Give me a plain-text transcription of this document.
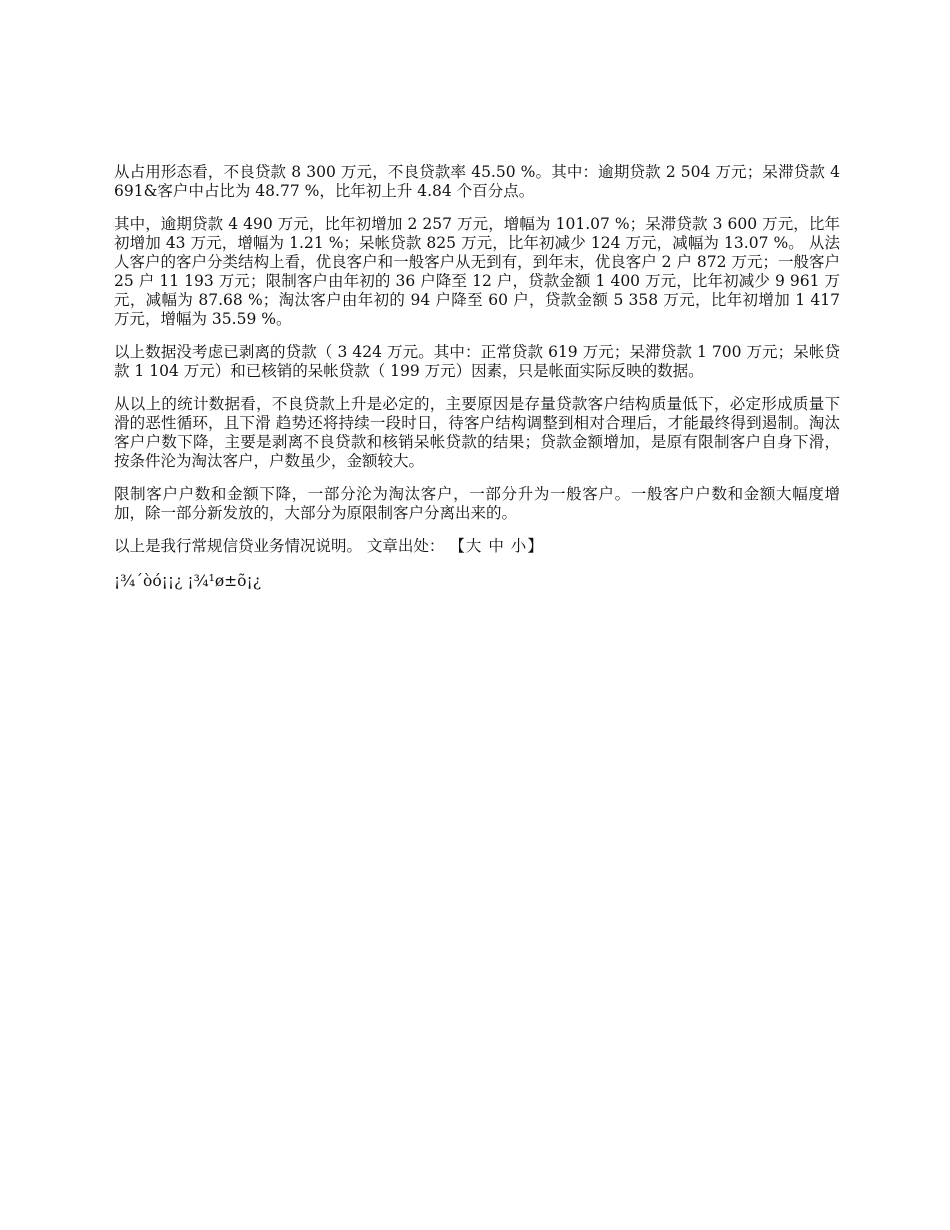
从占用形态看，不良贷款 8 300 万元，不良贷款率 45.50 %。其中：逾期贷款 2 504 万元；呆滞贷款 4 691&客户中占比为 48.77 %，比年初上升 4.84 个百分点。

其中，逾期贷款 4 490 万元，比年初增加 2 257 万元，增幅为 101.07 %；呆滞贷款 3 600 万元，比年初增加 43 万元，增幅为 1.21 %；呆帐贷款 825 万元，比年初减少 124 万元，减幅为 13.07 %。 从法人客户的客户分类结构上看，优良客户和一般客户从无到有，到年末，优良客户 2 户 872 万元；一般客户 25 户 11 193 万元；限制客户由年初的 36 户降至 12 户，贷款金额 1 400 万元，比年初减少 9 961 万元，减幅为 87.68 %；淘汰客户由年初的 94 户降至 60 户，贷款金额 5 358 万元，比年初增加 1 417 万元，增幅为 35.59 %。

以上数据没考虑已剥离的贷款（ 3 424 万元。其中：正常贷款 619 万元；呆滞贷款 1 700 万元；呆帐贷款 1 104 万元）和已核销的呆帐贷款（ 199 万元）因素，只是帐面实际反映的数据。

从以上的统计数据看，不良贷款上升是必定的，主要原因是存量贷款客户结构质量低下，必定形成质量下滑的恶性循环，且下滑 趋势还将持续一段时日，待客户结构调整到相对合理后，才能最终得到遏制。淘汰客户户数下降，主要是剥离不良贷款和核销呆帐贷款的结果；贷款金额增加，是原有限制客户自身下滑，按条件沦为淘汰客户，户数虽少，金额较大。

限制客户户数和金额下降，一部分沦为淘汰客户，一部分升为一般客户。一般客户户数和金额大幅度增加，除一部分新发放的，大部分为原限制客户分离出来的。

以上是我行常规信贷业务情况说明。 文章出处： 【大 中 小】

¡¾´òó¡¡¿ ¡¾¹ø±õ¡¿
